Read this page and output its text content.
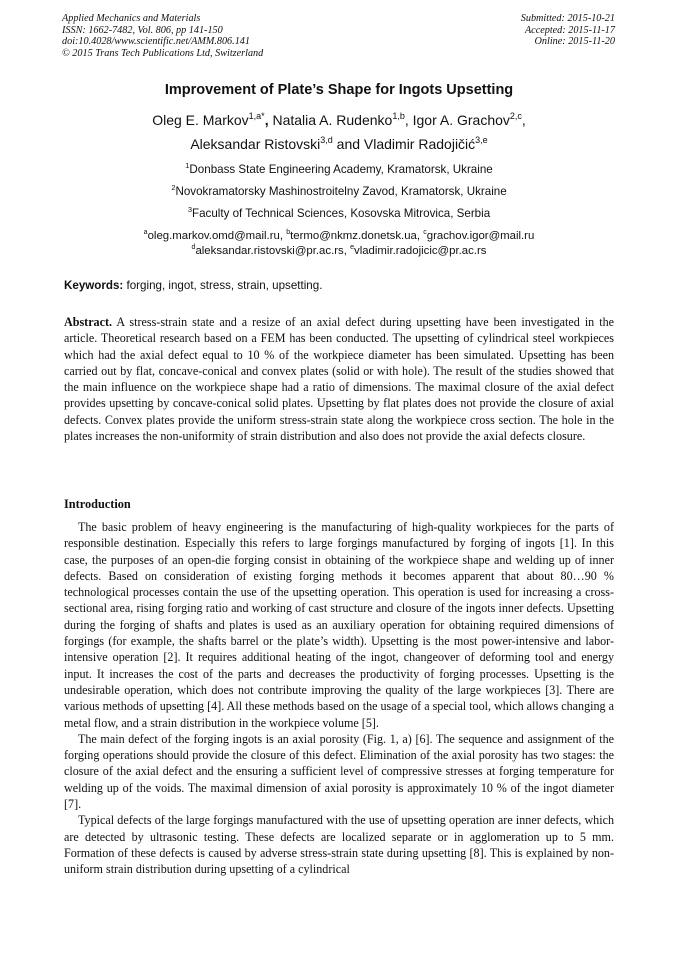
Applied Mechanics and Materials
ISSN: 1662-7482, Vol. 806, pp 141-150
doi:10.4028/www.scientific.net/AMM.806.141
© 2015 Trans Tech Publications Ltd, Switzerland
Submitted: 2015-10-21
Accepted: 2015-11-17
Online: 2015-11-20
Improvement of Plate’s Shape for Ingots Upsetting
Oleg E. Markov$^{1,a*}$, Natalia A. Rudenko$^{1,b}$, Igor A. Grachov$^{2,c}$,
Aleksandar Ristovski$^{3,d}$ and Vladimir Radojičić$^{3,e}$
$^1$Donbass State Engineering Academy, Kramatorsk, Ukraine
$^2$Novokramatorsky Mashinostroitelny Zavod, Kramatorsk, Ukraine
$^3$Faculty of Technical Sciences, Kosovska Mitrovica, Serbia
$^a$oleg.markov.omd@mail.ru, $^b$termo@nkmz.donetsk.ua, $^c$grachov.igor@mail.ru
$^d$aleksandar.ristovski@pr.ac.rs, $^e$vladimir.radojicic@pr.ac.rs
Keywords: forging, ingot, stress, strain, upsetting.

Abstract. A stress-strain state and a resize of an axial defect during upsetting have been investigated in the article. Theoretical research based on a FEM has been conducted. The upsetting of cylindrical steel workpieces which had the axial defect equal to 10 % of the workpiece diameter has been simulated. Upsetting has been carried out by flat, concave-conical and convex plates (solid or with hole). The result of the studies showed that the main influence on the workpiece shape had a ratio of dimensions. The maximal closure of the axial defect provides upsetting by concave-conical solid plates. Upsetting by flat plates does not provide the closure of axial defects. Convex plates provide the uniform stress-strain state along the workpiece cross section. The hole in the plates increases the non-uniformity of strain distribution and also does not provide the axial defects closure.

Introduction

The basic problem of heavy engineering is the manufacturing of high-quality workpieces for the parts of responsible destination. Especially this refers to large forgings manufactured by forging of ingots [1]. In this case, the purposes of an open-die forging consist in obtaining of the workpiece shape and welding up of inner defects. Based on consideration of existing forging methods it becomes apparent that about 80…90 % technological processes contain the use of the upsetting operation. This operation is used for increasing a cross-sectional area, rising forging ratio and working of cast structure and closure of the ingots inner defects. Upsetting during the forging of shafts and plates is used as an auxiliary operation for obtaining required dimensions of forgings (for example, the shafts barrel or the plate’s width). Upsetting is the most power-intensive and labor-intensive operation [2]. It requires additional heating of the ingot, changeover of deforming tool and energy input. It increases the cost of the parts and decreases the productivity of forging processes. Upsetting is the undesirable operation, which does not contribute improving the quality of the large workpieces [3]. There are various methods of upsetting [4]. All these methods based on the usage of a special tool, which allows changing a metal flow, and a strain distribution in the workpiece volume [5].

The main defect of the forging ingots is an axial porosity (Fig. 1, a) [6]. The sequence and assignment of the forging operations should provide the closure of this defect. Elimination of the axial porosity has two stages: the closure of the axial defect and the ensuring a sufficient level of compressive stresses at forging temperature for welding up of the voids. The maximal dimension of axial porosity is approximately 10 % of the ingot diameter [7].

Typical defects of the large forgings manufactured with the use of upsetting operation are inner defects, which are detected by ultrasonic testing. These defects are localized separate or in agglomeration up to 5 mm. Formation of these defects is caused by adverse stress-strain state during upsetting [8]. This is explained by non-uniform strain distribution during upsetting of a cylindrical
